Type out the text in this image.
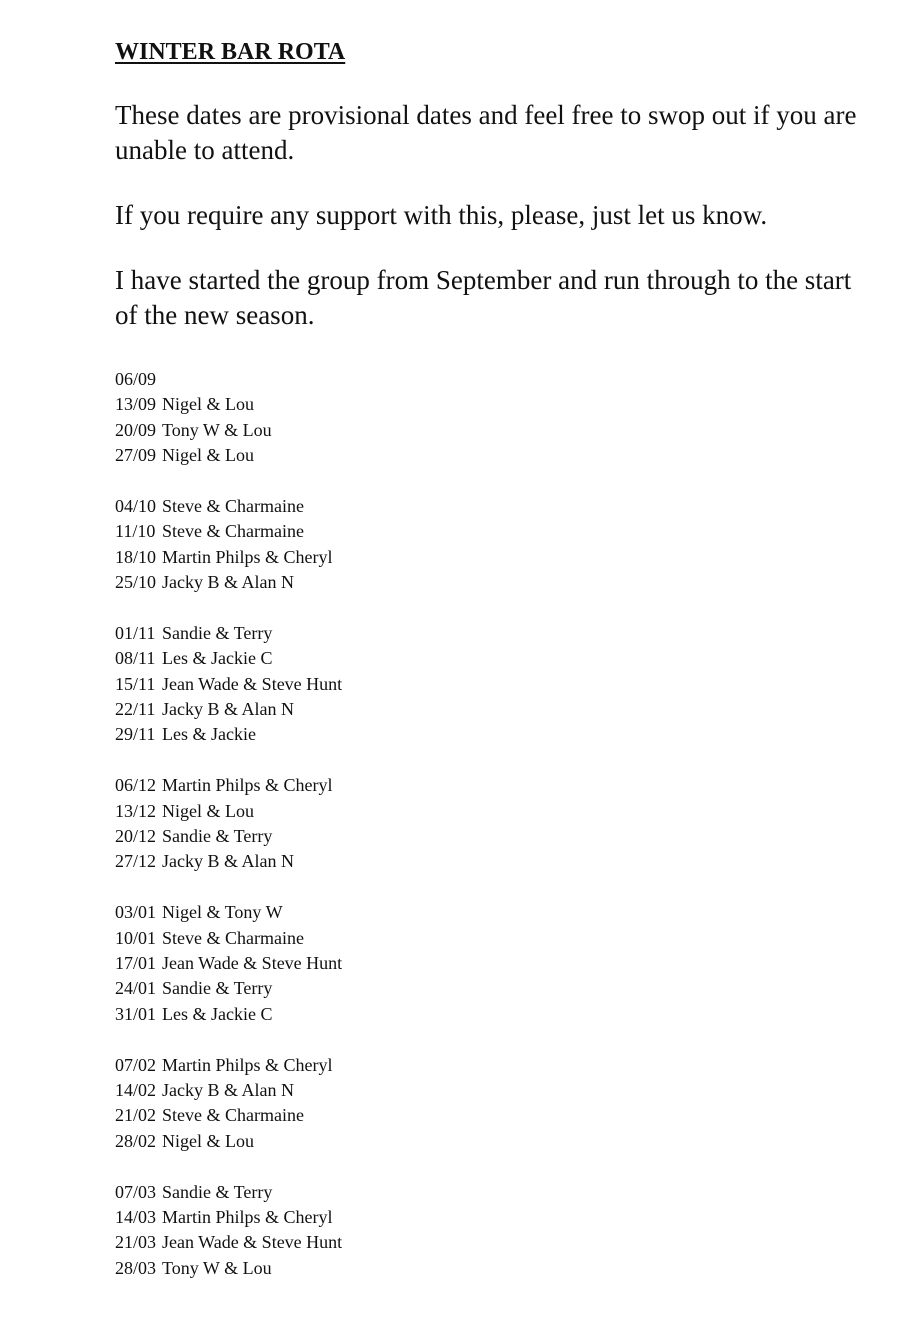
WINTER BAR ROTA

These dates are provisional dates and feel free to swop out if you are unable to attend.

If you require any support with this, please, just let us know.

I have started the group from September and run through to the start of the new season.

06/09
13/09 Nigel & Lou
20/09 Tony W & Lou
27/09 Nigel & Lou
04/10 Steve & Charmaine
11/10 Steve & Charmaine
18/10 Martin Philps & Cheryl
25/10 Jacky B & Alan N
01/11 Sandie & Terry
08/11 Les & Jackie C
15/11 Jean Wade & Steve Hunt
22/11 Jacky B & Alan N
29/11 Les & Jackie
06/12 Martin Philps & Cheryl
13/12 Nigel & Lou
20/12 Sandie & Terry
27/12 Jacky B & Alan N
03/01 Nigel & Tony W
10/01 Steve & Charmaine
17/01 Jean Wade & Steve Hunt
24/01 Sandie & Terry
31/01 Les & Jackie C
07/02 Martin Philps & Cheryl
14/02 Jacky B & Alan N
21/02 Steve & Charmaine
28/02 Nigel & Lou
07/03 Sandie & Terry
14/03 Martin Philps & Cheryl
21/03 Jean Wade & Steve Hunt
28/03 Tony W & Lou
